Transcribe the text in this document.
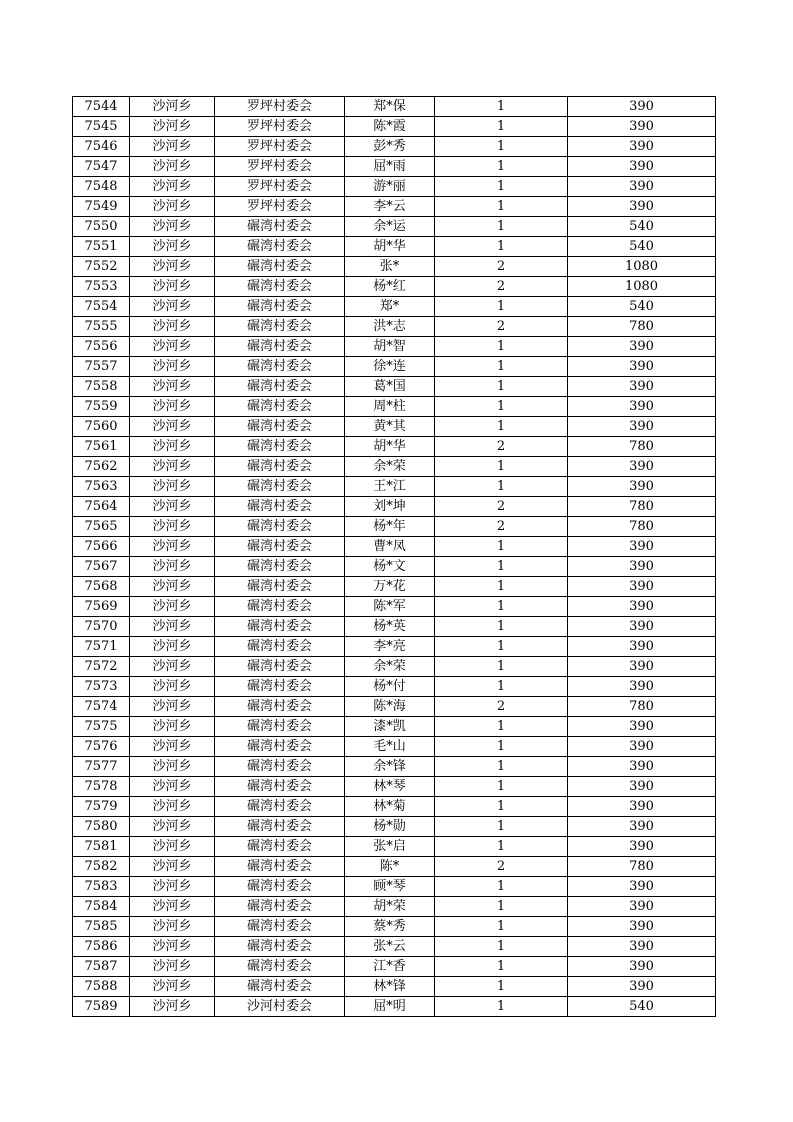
7544	沙河乡	罗坪村委会	郑*保	1	390
7545	沙河乡	罗坪村委会	陈*霞	1	390
7546	沙河乡	罗坪村委会	彭*秀	1	390
7547	沙河乡	罗坪村委会	屈*雨	1	390
7548	沙河乡	罗坪村委会	游*丽	1	390
7549	沙河乡	罗坪村委会	李*云	1	390
7550	沙河乡	碾湾村委会	余*运	1	540
7551	沙河乡	碾湾村委会	胡*华	1	540
7552	沙河乡	碾湾村委会	张*	2	1080
7553	沙河乡	碾湾村委会	杨*红	2	1080
7554	沙河乡	碾湾村委会	郑*	1	540
7555	沙河乡	碾湾村委会	洪*志	2	780
7556	沙河乡	碾湾村委会	胡*智	1	390
7557	沙河乡	碾湾村委会	徐*连	1	390
7558	沙河乡	碾湾村委会	葛*国	1	390
7559	沙河乡	碾湾村委会	周*柱	1	390
7560	沙河乡	碾湾村委会	黄*其	1	390
7561	沙河乡	碾湾村委会	胡*华	2	780
7562	沙河乡	碾湾村委会	余*荣	1	390
7563	沙河乡	碾湾村委会	王*江	1	390
7564	沙河乡	碾湾村委会	刘*坤	2	780
7565	沙河乡	碾湾村委会	杨*年	2	780
7566	沙河乡	碾湾村委会	曹*凤	1	390
7567	沙河乡	碾湾村委会	杨*文	1	390
7568	沙河乡	碾湾村委会	万*花	1	390
7569	沙河乡	碾湾村委会	陈*军	1	390
7570	沙河乡	碾湾村委会	杨*英	1	390
7571	沙河乡	碾湾村委会	李*亮	1	390
7572	沙河乡	碾湾村委会	余*荣	1	390
7573	沙河乡	碾湾村委会	杨*付	1	390
7574	沙河乡	碾湾村委会	陈*海	2	780
7575	沙河乡	碾湾村委会	漆*凯	1	390
7576	沙河乡	碾湾村委会	毛*山	1	390
7577	沙河乡	碾湾村委会	余*锋	1	390
7578	沙河乡	碾湾村委会	林*琴	1	390
7579	沙河乡	碾湾村委会	林*菊	1	390
7580	沙河乡	碾湾村委会	杨*勋	1	390
7581	沙河乡	碾湾村委会	张*启	1	390
7582	沙河乡	碾湾村委会	陈*	2	780
7583	沙河乡	碾湾村委会	顾*琴	1	390
7584	沙河乡	碾湾村委会	胡*荣	1	390
7585	沙河乡	碾湾村委会	蔡*秀	1	390
7586	沙河乡	碾湾村委会	张*云	1	390
7587	沙河乡	碾湾村委会	江*香	1	390
7588	沙河乡	碾湾村委会	林*锋	1	390
7589	沙河乡	沙河村委会	屈*明	1	540
